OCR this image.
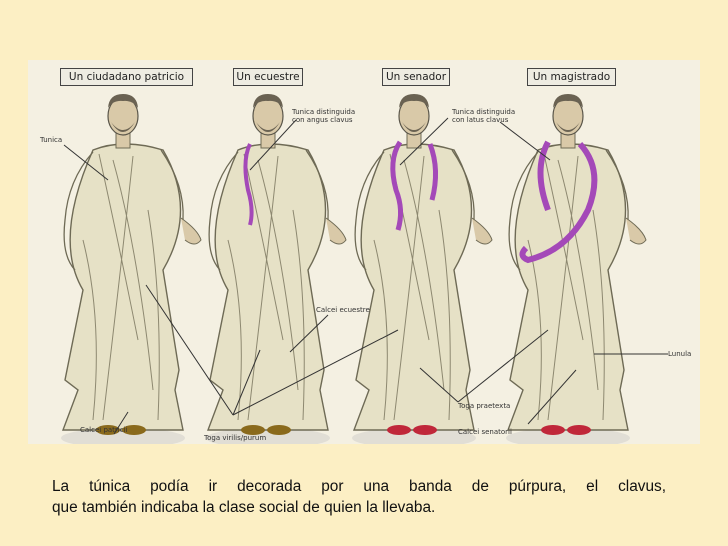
Un ciudadano patricio	Un ecuestre	Un senador	Un magistrado
Tunica
Tunica distinguida
con angus clavus
Tunica distinguida
con latus clavus
Calcei ecuestre
Lunula
Calcei patricii
Toga praetexta
Toga virilis/purum
Calcei senatorii

La túnica podía ir decorada por una banda de púrpura, el clavus,
que también indicaba la clase social de quien la llevaba.
